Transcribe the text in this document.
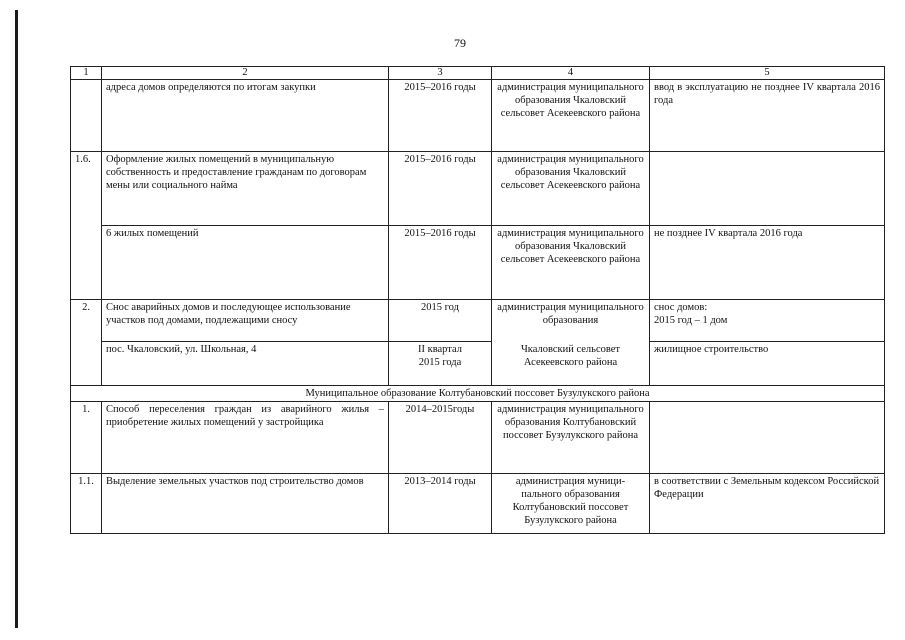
79
1	2	3	4	5
	адреса домов определяются по итогам закупки	2015–2016 годы	администрация муниципального образования Чкаловский сельсовет Асекеевского района	ввод в эксплуатацию не позднее IV квартала 2016 года
1.6.	Оформление жилых помещений в муниципальную собственность и предоставление гражданам по договорам мены или социального найма	2015–2016 годы	администрация муниципального образования Чкаловский сельсовет Асекеевского района	
	6 жилых помещений	2015–2016 годы	администрация муниципального образования Чкаловский сельсовет Асекеевского района	не позднее IV квартала 2016 года
2.	Снос аварийных домов и последующее использование участков под домами, подлежащими сносу	2015 год	администрация муниципального образования	снос домов:
2015 год – 1 дом

	пос. Чкаловский, ул. Школьная, 4	II квартал
2015 года	Чкаловский сельсовет Асекеевского района	жилищное строительство
Муниципальное образование Колтубановский поссовет Бузулукского района				
1.	Способ переселения граждан из аварийного жилья – приобретение жилых помещений у застройщика	2014–2015годы	администрация муниципального образования Колтубановский поссовет Бузулукского района	
1.1.	Выделение земельных участков под строительство домов	2013–2014 годы	администрация муници-пального образования Колтубановский поссовет Бузулукского района	в соответствии с Земельным кодексом Российской Федерации
